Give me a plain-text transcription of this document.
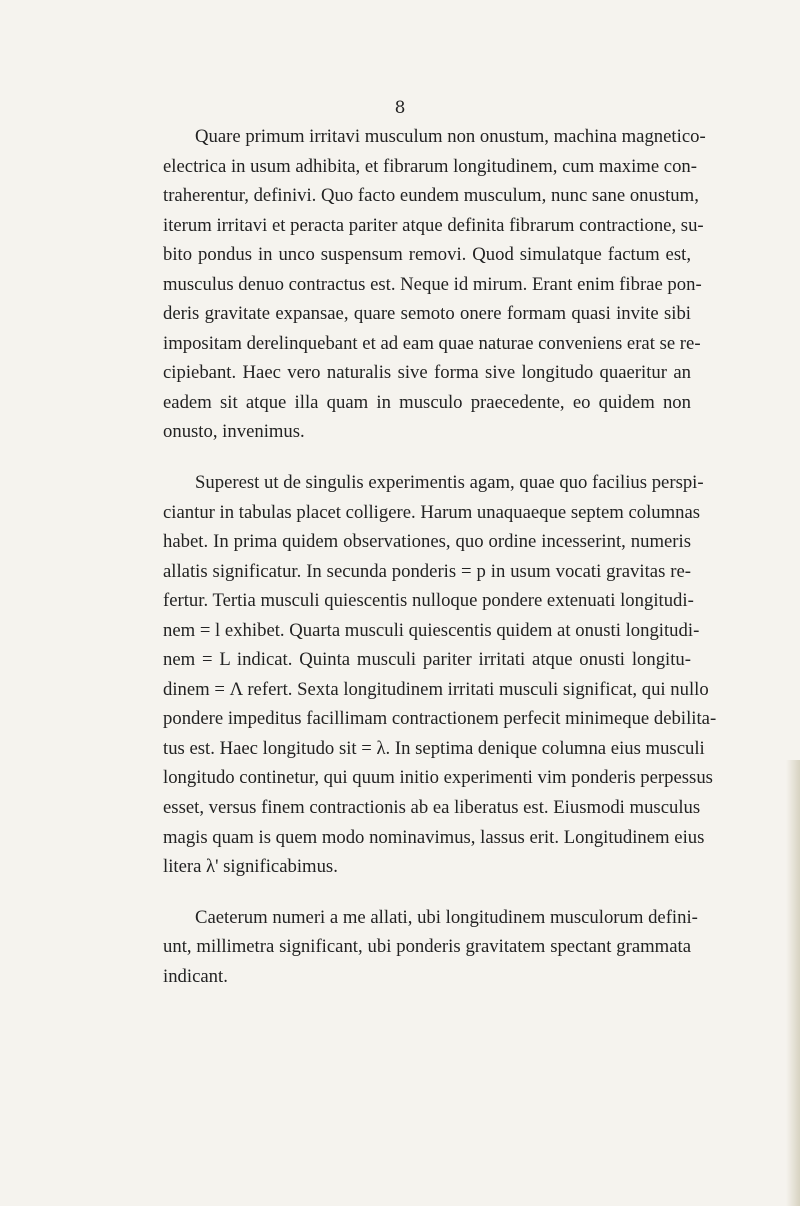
8
Quare primum irritavi musculum non onustum, machina magnetico-
electrica in usum adhibita, et fibrarum longitudinem, cum maxime con-
traherentur, definivi. Quo facto eundem musculum, nunc sane onustum,
iterum irritavi et peracta pariter atque definita fibrarum contractione, su-
bito pondus in unco suspensum removi. Quod simulatque factum est,
musculus denuo contractus est. Neque id mirum. Erant enim fibrae pon-
deris gravitate expansae, quare semoto onere formam quasi invite sibi
impositam derelinquebant et ad eam quae naturae conveniens erat se re-
cipiebant. Haec vero naturalis sive forma sive longitudo quaeritur an
eadem sit atque illa quam in musculo praecedente, eo quidem non
onusto, invenimus.
Superest ut de singulis experimentis agam, quae quo facilius perspi-
ciantur in tabulas placet colligere. Harum unaquaeque septem columnas
habet. In prima quidem observationes, quo ordine incesserint, numeris
allatis significatur. In secunda ponderis = p in usum vocati gravitas re-
fertur. Tertia musculi quiescentis nulloque pondere extenuati longitudi-
nem = l exhibet. Quarta musculi quiescentis quidem at onusti longitudi-
nem = L indicat. Quinta musculi pariter irritati atque onusti longitu-
dinem = Λ refert. Sexta longitudinem irritati musculi significat, qui nullo
pondere impeditus facillimam contractionem perfecit minimeque debilita-
tus est. Haec longitudo sit = λ. In septima denique columna eius musculi
longitudo continetur, qui quum initio experimenti vim ponderis perpessus
esset, versus finem contractionis ab ea liberatus est. Eiusmodi musculus
magis quam is quem modo nominavimus, lassus erit. Longitudinem eius
litera λ' significabimus.
Caeterum numeri a me allati, ubi longitudinem musculorum defini-
unt, millimetra significant, ubi ponderis gravitatem spectant grammata
indicant.
